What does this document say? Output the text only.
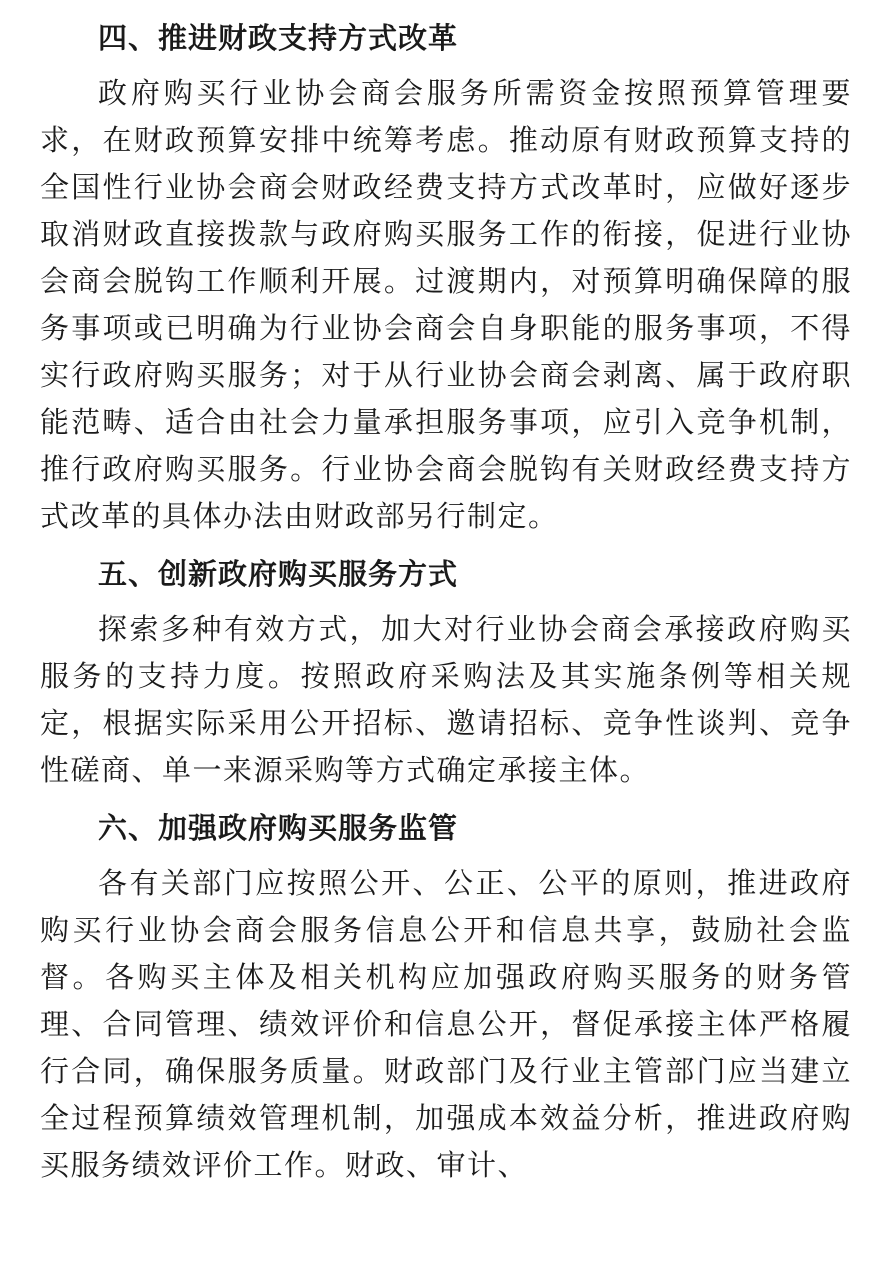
四、推进财政支持方式改革

政府购买行业协会商会服务所需资金按照预算管理要求，在财政预算安排中统筹考虑。推动原有财政预算支持的全国性行业协会商会财政经费支持方式改革时，应做好逐步取消财政直接拨款与政府购买服务工作的衔接，促进行业协会商会脱钩工作顺利开展。过渡期内，对预算明确保障的服务事项或已明确为行业协会商会自身职能的服务事项，不得实行政府购买服务；对于从行业协会商会剥离、属于政府职能范畴、适合由社会力量承担服务事项，应引入竞争机制，推行政府购买服务。行业协会商会脱钩有关财政经费支持方式改革的具体办法由财政部另行制定。

五、创新政府购买服务方式

探索多种有效方式，加大对行业协会商会承接政府购买服务的支持力度。按照政府采购法及其实施条例等相关规定，根据实际采用公开招标、邀请招标、竞争性谈判、竞争性磋商、单一来源采购等方式确定承接主体。

六、加强政府购买服务监管

各有关部门应按照公开、公正、公平的原则，推进政府购买行业协会商会服务信息公开和信息共享，鼓励社会监督。各购买主体及相关机构应加强政府购买服务的财务管理、合同管理、绩效评价和信息公开，督促承接主体严格履行合同，确保服务质量。财政部门及行业主管部门应当建立全过程预算绩效管理机制，加强成本效益分析，推进政府购买服务绩效评价工作。财政、审计、
